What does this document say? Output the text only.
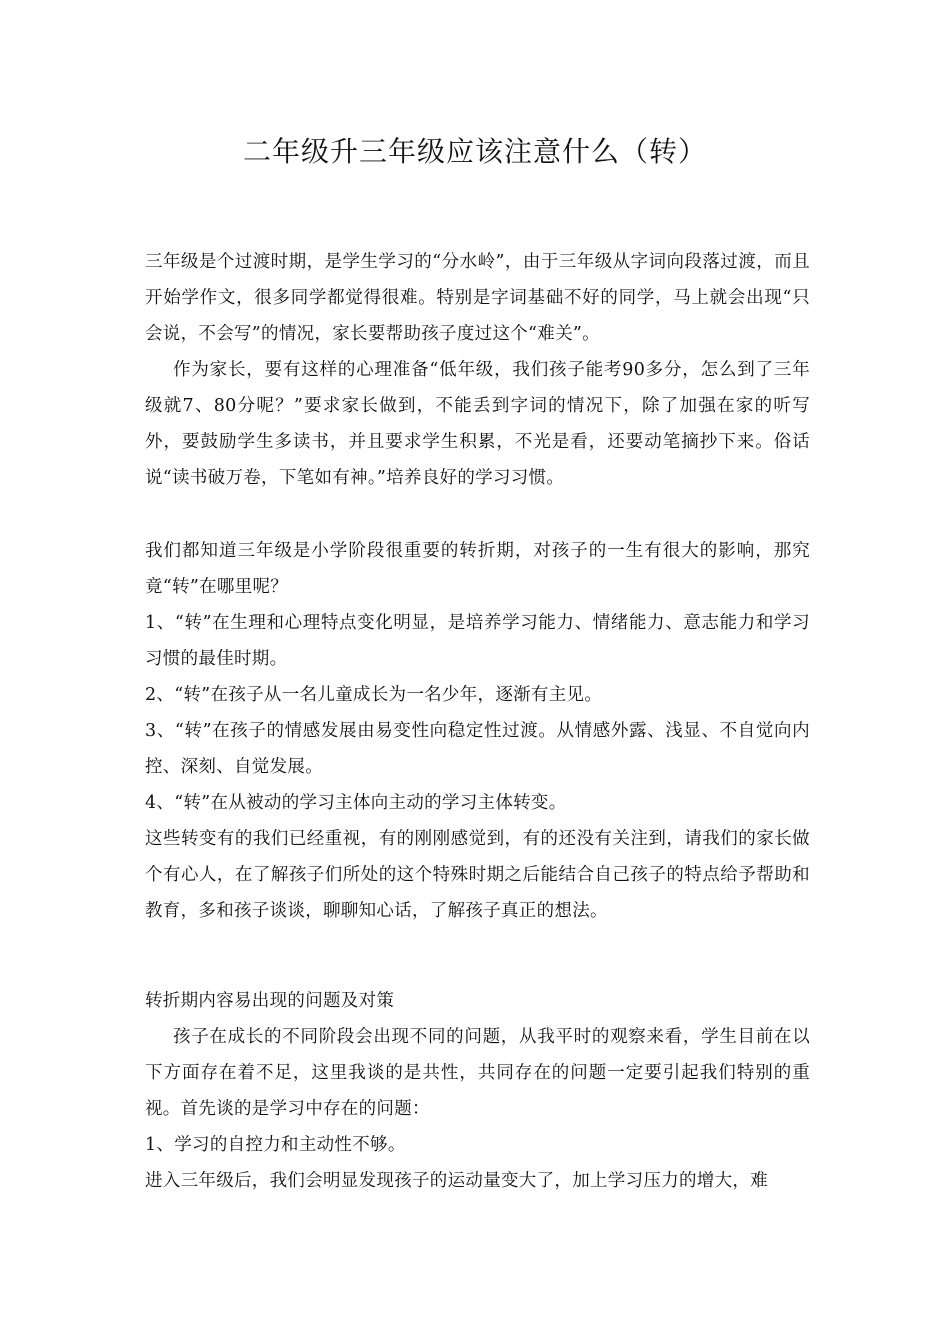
二年级升三年级应该注意什么（转）

三年级是个过渡时期，是学生学习的“分水岭”，由于三年级从字词向段落过渡，而且开始学作文，很多同学都觉得很难。特别是字词基础不好的同学，马上就会出现“只会说，不会写”的情况，家长要帮助孩子度过这个“难关”。

作为家长，要有这样的心理准备“低年级，我们孩子能考90多分，怎么到了三年级就7、80分呢？”要求家长做到，不能丢到字词的情况下，除了加强在家的听写外，要鼓励学生多读书，并且要求学生积累，不光是看，还要动笔摘抄下来。俗话说“读书破万卷，下笔如有神。”培养良好的学习习惯。

我们都知道三年级是小学阶段很重要的转折期，对孩子的一生有很大的影响，那究竟“转”在哪里呢？

1、“转”在生理和心理特点变化明显，是培养学习能力、情绪能力、意志能力和学习习惯的最佳时期。

2、“转”在孩子从一名儿童成长为一名少年，逐渐有主见。

3、“转”在孩子的情感发展由易变性向稳定性过渡。从情感外露、浅显、不自觉向内控、深刻、自觉发展。

4、“转”在从被动的学习主体向主动的学习主体转变。

这些转变有的我们已经重视，有的刚刚感觉到，有的还没有关注到，请我们的家长做个有心人，在了解孩子们所处的这个特殊时期之后能结合自己孩子的特点给予帮助和教育，多和孩子谈谈，聊聊知心话，了解孩子真正的想法。

转折期内容易出现的问题及对策

孩子在成长的不同阶段会出现不同的问题，从我平时的观察来看，学生目前在以下方面存在着不足，这里我谈的是共性，共同存在的问题一定要引起我们特别的重视。首先谈的是学习中存在的问题：

1、学习的自控力和主动性不够。

进入三年级后，我们会明显发现孩子的运动量变大了，加上学习压力的增大，难
